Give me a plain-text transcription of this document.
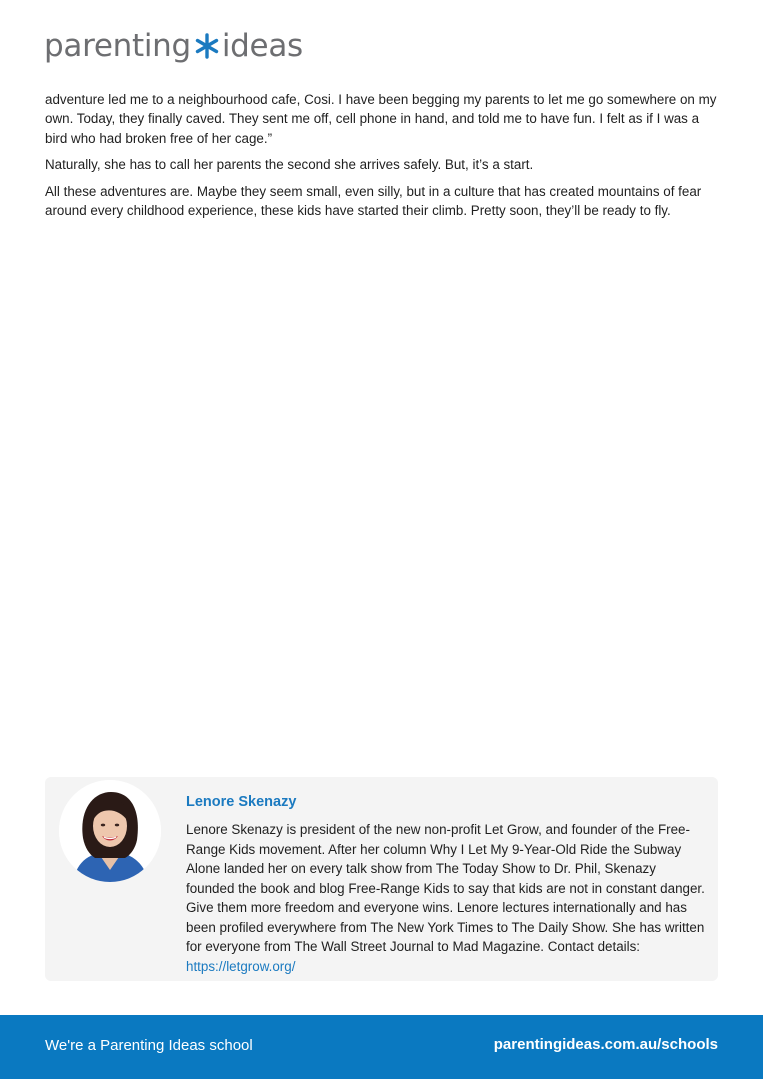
parenting ideas

adventure led me to a neighbourhood cafe, Cosi. I have been begging my parents to let me go somewhere on my own. Today, they finally caved. They sent me off, cell phone in hand, and told me to have fun. I felt as if I was a bird who had broken free of her cage.”

Naturally, she has to call her parents the second she arrives safely. But, it’s a start.

All these adventures are. Maybe they seem small, even silly, but in a culture that has created mountains of fear around every childhood experience, these kids have started their climb. Pretty soon, they’ll be ready to fly.

Lenore Skenazy
Lenore Skenazy is president of the new non-profit Let Grow, and founder of the Free-Range Kids movement. After her column Why I Let My 9-Year-Old Ride the Subway Alone landed her on every talk show from The Today Show to Dr. Phil, Skenazy founded the book and blog Free-Range Kids to say that kids are not in constant danger. Give them more freedom and everyone wins. Lenore lectures internationally and has been profiled everywhere from The New York Times to The Daily Show. She has written for everyone from The Wall Street Journal to Mad Magazine. Contact details: https://letgrow.org/
We're a Parenting Ideas school	parentingideas.com.au/schools
